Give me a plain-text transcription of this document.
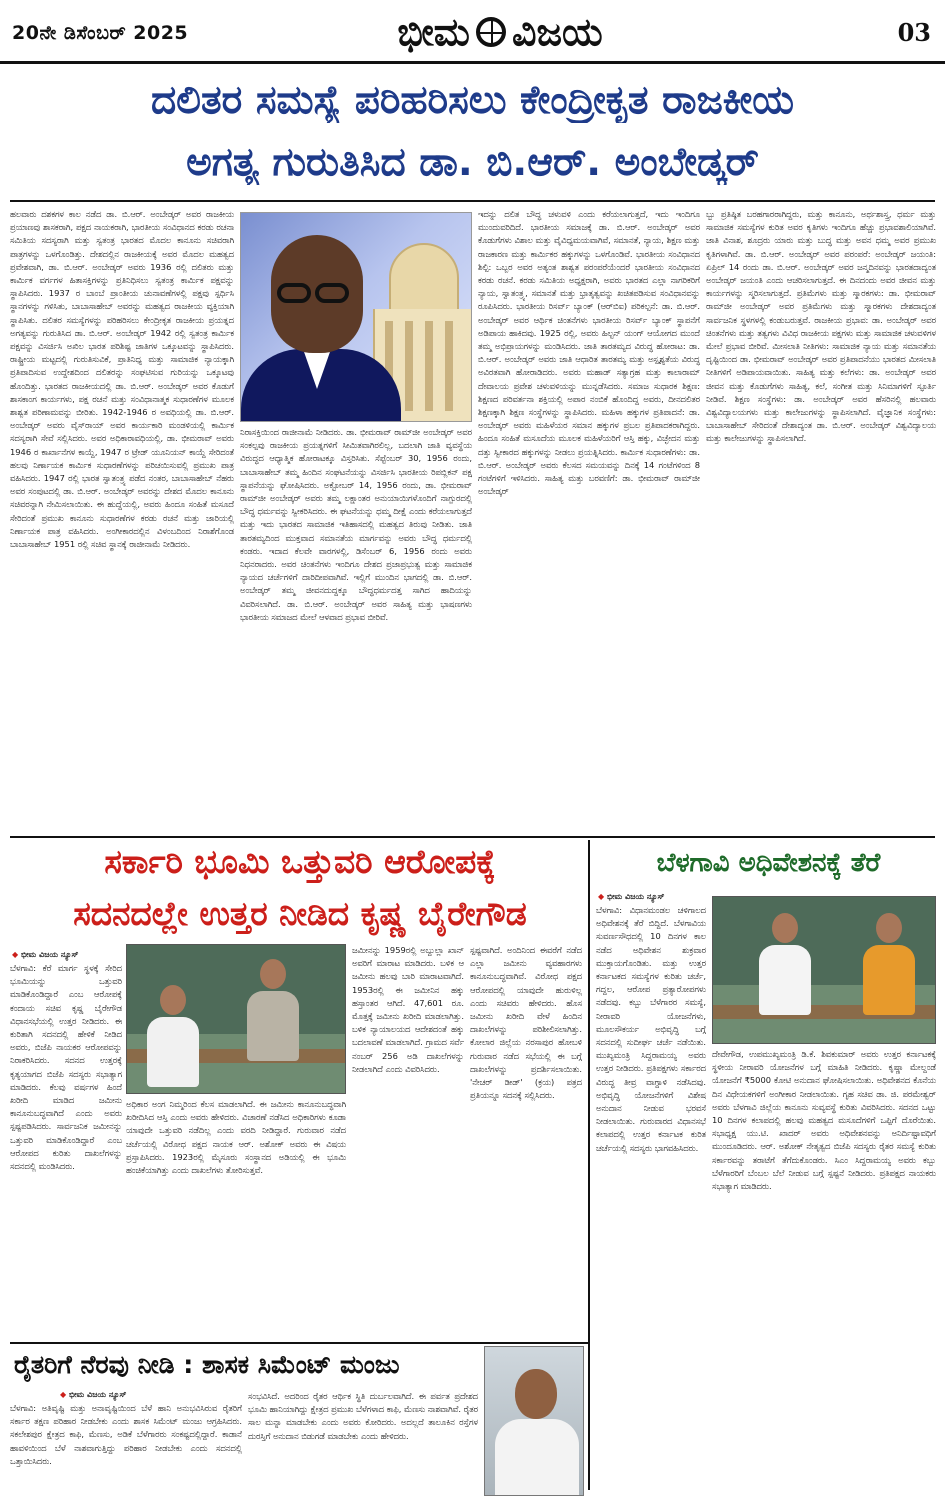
20ನೇ ಡಿಸೆಂಬರ್ 2025	ಭೀಮ ವಿಜಯ	03
ದಲಿತರ ಸಮಸ್ಯೆ ಪರಿಹರಿಸಲು ಕೇಂದ್ರೀಕೃತ ರಾಜಕೀಯ
ಅಗತ್ಯ ಗುರುತಿಸಿದ ಡಾ. ಬಿ.ಆರ್. ಅಂಬೇಡ್ಕರ್

ಹಲವಾರು ದಶಕಗಳ ಕಾಲ ನಡೆದ ಡಾ. ಬಿ.ಆರ್. ಅಂಬೇಡ್ಕರ್ ಅವರ ರಾಜಕೀಯ ಪ್ರಯಾಣವು ಶಾಸಕರಾಗಿ, ಪಕ್ಷದ ನಾಯಕರಾಗಿ, ಭಾರತೀಯ ಸಂವಿಧಾನದ ಕರಡು ರಚನಾ ಸಮಿತಿಯ ಸದಸ್ಯರಾಗಿ ಮತ್ತು ಸ್ವತಂತ್ರ ಭಾರತದ ಮೊದಲ ಕಾನೂನು ಸಚಿವರಾಗಿ ಪಾತ್ರಗಳನ್ನು ಒಳಗೊಂಡಿತ್ತು. ದೇಶದಲ್ಲಿನ ರಾಜಕೀಯಕ್ಕೆ ಅವರ ಮೊದಲ ಮಹತ್ವದ ಪ್ರವೇಶವಾಗಿ, ಡಾ. ಬಿ.ಆರ್. ಅಂಬೇಡ್ಕರ್ ಅವರು 1936 ರಲ್ಲಿ ದಲಿತರು ಮತ್ತು ಕಾರ್ಮಿಕ ವರ್ಗಗಳ ಹಿತಾಸಕ್ತಿಗಳನ್ನು ಪ್ರತಿನಿಧಿಸಲು ಸ್ವತಂತ್ರ ಕಾರ್ಮಿಕ ಪಕ್ಷವನ್ನು ಸ್ಥಾಪಿಸಿದರು. 1937 ರ ಬಾಂಬೆ ಪ್ರಾಂತೀಯ ಚುನಾವಣೆಗಳಲ್ಲಿ ಪಕ್ಷವು ಸ್ಪರ್ಧಿಸಿ ಸ್ಥಾನಗಳನ್ನು ಗಳಿಸಿತು, ಬಾಬಾಸಾಹೇಬ್ ಅವರನ್ನು ಮಹತ್ವದ ರಾಜಕೀಯ ವ್ಯಕ್ತಿಯಾಗಿ ಸ್ಥಾಪಿಸಿತು. ದಲಿತರ ಸಮಸ್ಯೆಗಳನ್ನು ಪರಿಹರಿಸಲು ಕೇಂದ್ರೀಕೃತ ರಾಜಕೀಯ ಪ್ರಯತ್ನದ ಅಗತ್ಯವನ್ನು ಗುರುತಿಸಿದ ಡಾ. ಬಿ.ಆರ್. ಅಂಬೇಡ್ಕರ್ 1942 ರಲ್ಲಿ ಸ್ವತಂತ್ರ ಕಾರ್ಮಿಕ ಪಕ್ಷವನ್ನು ವಿಸರ್ಜಿಸಿ ಅಖಿಲ ಭಾರತ ಪರಿಶಿಷ್ಟ ಜಾತಿಗಳ ಒಕ್ಕೂಟವನ್ನು ಸ್ಥಾಪಿಸಿದರು. ರಾಷ್ಟ್ರೀಯ ಮಟ್ಟದಲ್ಲಿ ಗುರುತಿಸುವಿಕೆ, ಪ್ರಾತಿನಿಧ್ಯ ಮತ್ತು ಸಾಮಾಜಿಕ ನ್ಯಾಯಕ್ಕಾಗಿ ಪ್ರತಿಪಾದಿಸುವ ಉದ್ದೇಶದಿಂದ ದಲಿತರನ್ನು ಸಂಘಟಿಸುವ ಗುರಿಯನ್ನು ಒಕ್ಕೂಟವು ಹೊಂದಿತ್ತು. ಭಾರತದ ರಾಜಕೀಯದಲ್ಲಿ ಡಾ. ಬಿ.ಆರ್. ಅಂಬೇಡ್ಕರ್ ಅವರ ಕೊಡುಗೆ ಶಾಸಕಾಂಗ ಕಾರ್ಯಗಳು, ಪಕ್ಷ ರಚನೆ ಮತ್ತು ಸಂವಿಧಾನಾತ್ಮಕ ಸುಧಾರಣೆಗಳ ಮೂಲಕ ಶಾಶ್ವತ ಪರಿಣಾಮವನ್ನು ಬೀರಿತು. 1942-1946 ರ ಅವಧಿಯಲ್ಲಿ ಡಾ. ಬಿ.ಆರ್. ಅಂಬೇಡ್ಕರ್ ಅವರು ವೈಸ್‌ರಾಯ್ ಅವರ ಕಾರ್ಯಕಾರಿ ಮಂಡಳಿಯಲ್ಲಿ ಕಾರ್ಮಿಕ ಸದಸ್ಯರಾಗಿ ಸೇವೆ ಸಲ್ಲಿಸಿದರು. ಅವರ ಅಧಿಕಾರಾವಧಿಯಲ್ಲಿ, ಡಾ. ಭೀಮರಾವ್ ಅವರು 1946 ರ ಕಾರ್ಖಾನೆಗಳ ಕಾಯ್ದೆ, 1947 ರ ಟ್ರೇಡ್ ಯೂನಿಯನ್ ಕಾಯ್ದೆ ಸೇರಿದಂತೆ ಹಲವು ನಿರ್ಣಾಯಕ ಕಾರ್ಮಿಕ ಸುಧಾರಣೆಗಳನ್ನು ಪರಿಚಯಿಸುವಲ್ಲಿ ಪ್ರಮುಖ ಪಾತ್ರ ವಹಿಸಿದರು. 1947 ರಲ್ಲಿ ಭಾರತ ಸ್ವಾತಂತ್ರ್ಯ ಪಡೆದ ನಂತರ, ಬಾಬಾಸಾಹೇಬ್ ನೆಹರು ಅವರ ಸಂಪುಟದಲ್ಲಿ ಡಾ. ಬಿ.ಆರ್. ಅಂಬೇಡ್ಕರ್ ಅವರನ್ನು ದೇಶದ ಮೊದಲ ಕಾನೂನು ಸಚಿವರನ್ನಾಗಿ ನೇಮಿಸಲಾಯಿತು. ಈ ಹುದ್ದೆಯಲ್ಲಿ, ಅವರು ಹಿಂದೂ ಸಂಹಿತೆ ಮಸೂದೆ ಸೇರಿದಂತೆ ಪ್ರಮುಖ ಕಾನೂನು ಸುಧಾರಣೆಗಳ ಕರಡು ರಚನೆ ಮತ್ತು ಜಾರಿಯಲ್ಲಿ ನಿರ್ಣಾಯಕ ಪಾತ್ರ ವಹಿಸಿದರು. ಅಂಗೀಕಾರದಲ್ಲಿನ ವಿಳಂಬದಿಂದ ನಿರಾಶೆಗೊಂಡ ಬಾಬಾಸಾಹೇಬ್ 1951 ರಲ್ಲಿ ಸಚಿವ ಸ್ಥಾನಕ್ಕೆ ರಾಜೀನಾಮೆ ನೀಡಿದರು.

ನಿರಾಸಕ್ತಿಯಿಂದ ರಾಜೀನಾಮೆ ನೀಡಿದರು. ಡಾ. ಭೀಮರಾವ್ ರಾಮ್‌ಜೀ ಅಂಬೇಡ್ಕರ್ ಅವರ ಸಂಕಲ್ಪವು ರಾಜಕೀಯ ಪ್ರಯತ್ನಗಳಿಗೆ ಸೀಮಿತವಾಗಿರಲಿಲ್ಲ, ಬದಲಾಗಿ ಜಾತಿ ವ್ಯವಸ್ಥೆಯ ವಿರುದ್ಧದ ಆಧ್ಯಾತ್ಮಿಕ ಹೋರಾಟಕ್ಕೂ ವಿಸ್ತರಿಸಿತು. ಸೆಪ್ಟೆಂಬರ್ 30, 1956 ರಂದು, ಬಾಬಾಸಾಹೇಬ್ ತಮ್ಮ ಹಿಂದಿನ ಸಂಘಟನೆಯನ್ನು ವಿಸರ್ಜಿಸಿ ಭಾರತೀಯ ರಿಪಬ್ಲಿಕನ್ ಪಕ್ಷ ಸ್ಥಾಪನೆಯನ್ನು ಘೋಷಿಸಿದರು. ಅಕ್ಟೋಬರ್ 14, 1956 ರಂದು, ಡಾ. ಭೀಮರಾವ್ ರಾಮ್‌ಜೀ ಅಂಬೇಡ್ಕರ್ ಅವರು ತಮ್ಮ ಲಕ್ಷಾಂತರ ಅನುಯಾಯಿಗಳೊಂದಿಗೆ ನಾಗ್ಪುರದಲ್ಲಿ ಬೌದ್ಧ ಧರ್ಮವನ್ನು ಸ್ವೀಕರಿಸಿದರು. ಈ ಘಟನೆಯನ್ನು ಧಮ್ಮ ದೀಕ್ಷೆ ಎಂದು ಕರೆಯಲಾಗುತ್ತದೆ ಮತ್ತು ಇದು ಭಾರತದ ಸಾಮಾಜಿಕ ಇತಿಹಾಸದಲ್ಲಿ ಮಹತ್ವದ ತಿರುವು ನೀಡಿತು. ಜಾತಿ ತಾರತಮ್ಯದಿಂದ ಮುಕ್ತವಾದ ಸಮಾನತೆಯ ಮಾರ್ಗವನ್ನು ಅವರು ಬೌದ್ಧ ಧರ್ಮದಲ್ಲಿ ಕಂಡರು. ಇದಾದ ಕೆಲವೇ ವಾರಗಳಲ್ಲಿ, ಡಿಸೆಂಬರ್ 6, 1956 ರಂದು ಅವರು ನಿಧನರಾದರು. ಅವರ ಚಿಂತನೆಗಳು ಇಂದಿಗೂ ದೇಶದ ಪ್ರಜಾಪ್ರಭುತ್ವ ಮತ್ತು ಸಾಮಾಜಿಕ ನ್ಯಾಯದ ಚರ್ಚೆಗಳಿಗೆ ದಾರಿದೀಪವಾಗಿವೆ. ಇಲ್ಲಿಗೆ ಮುಂದಿನ ಭಾಗದಲ್ಲಿ ಡಾ. ಬಿ.ಆರ್. ಅಂಬೇಡ್ಕರ್ ತಮ್ಮ ಜೀವನದುದ್ದಕ್ಕೂ ಬೌದ್ಧಧರ್ಮದತ್ತ ಸಾಗಿದ ಹಾದಿಯನ್ನು ವಿವರಿಸಲಾಗಿದೆ. ಡಾ. ಬಿ.ಆರ್. ಅಂಬೇಡ್ಕರ್ ಅವರ ಸಾಹಿತ್ಯ ಮತ್ತು ಭಾಷಣಗಳು ಭಾರತೀಯ ಸಮಾಜದ ಮೇಲೆ ಆಳವಾದ ಪ್ರಭಾವ ಬೀರಿವೆ.

ಇದನ್ನು ದಲಿತ ಬೌದ್ಧ ಚಳುವಳಿ ಎಂದು ಕರೆಯಲಾಗುತ್ತದೆ, ಇದು ಇಂದಿಗೂ ಮುಂದುವರಿದಿದೆ. ಭಾರತೀಯ ಸಮಾಜಕ್ಕೆ ಡಾ. ಬಿ.ಆರ್. ಅಂಬೇಡ್ಕರ್ ಅವರ ಕೊಡುಗೆಗಳು ವಿಶಾಲ ಮತ್ತು ವೈವಿಧ್ಯಮಯವಾಗಿವೆ, ಸಮಾನತೆ, ನ್ಯಾಯ, ಶಿಕ್ಷಣ ಮತ್ತು ರಾಜಕಾರಣ ಮತ್ತು ಕಾರ್ಮಿಕರ ಹಕ್ಕುಗಳನ್ನು ಒಳಗೊಂಡಿವೆ. ಭಾರತೀಯ ಸಂವಿಧಾನದ ಶಿಲ್ಪಿ: ಒಬ್ಬರ ಅವರ ಅತ್ಯಂತ ಶಾಶ್ವತ ಪರಂಪರೆಯೆಂದರೆ ಭಾರತೀಯ ಸಂವಿಧಾನದ ಕರಡು ರಚನೆ. ಕರಡು ಸಮಿತಿಯ ಅಧ್ಯಕ್ಷರಾಗಿ, ಅವರು ಭಾರತದ ಎಲ್ಲಾ ನಾಗರಿಕರಿಗೆ ನ್ಯಾಯ, ಸ್ವಾತಂತ್ರ್ಯ, ಸಮಾನತೆ ಮತ್ತು ಭ್ರಾತೃತ್ವವನ್ನು ಖಚಿತಪಡಿಸುವ ಸಂವಿಧಾನವನ್ನು ರೂಪಿಸಿದರು. ಭಾರತೀಯ ರಿಸರ್ವ್ ಬ್ಯಾಂಕ್ (ಆರ್‌ಬಿಐ) ಪರಿಕಲ್ಪನೆ: ಡಾ. ಬಿ.ಆರ್. ಅಂಬೇಡ್ಕರ್ ಅವರ ಆರ್ಥಿಕ ಚಿಂತನೆಗಳು ಭಾರತೀಯ ರಿಸರ್ವ್ ಬ್ಯಾಂಕ್ ಸ್ಥಾಪನೆಗೆ ಅಡಿಪಾಯ ಹಾಕಿದವು. 1925 ರಲ್ಲಿ, ಅವರು ಹಿಲ್ಟನ್ ಯಂಗ್ ಆಯೋಗದ ಮುಂದೆ ತಮ್ಮ ಅಭಿಪ್ರಾಯಗಳನ್ನು ಮಂಡಿಸಿದರು. ಜಾತಿ ತಾರತಮ್ಯದ ವಿರುದ್ಧ ಹೋರಾಟ: ಡಾ. ಬಿ.ಆರ್. ಅಂಬೇಡ್ಕರ್ ಅವರು ಜಾತಿ ಆಧಾರಿತ ತಾರತಮ್ಯ ಮತ್ತು ಅಸ್ಪೃಶ್ಯತೆಯ ವಿರುದ್ಧ ಅವಿರತವಾಗಿ ಹೋರಾಡಿದರು. ಅವರು ಮಹಾಡ್ ಸತ್ಯಾಗ್ರಹ ಮತ್ತು ಕಾಲಾರಾಮ್ ದೇವಾಲಯ ಪ್ರವೇಶ ಚಳುವಳಿಯನ್ನು ಮುನ್ನಡೆಸಿದರು. ಸಮಾಜ ಸುಧಾರಕ ಶಿಕ್ಷಣ: ಶಿಕ್ಷಣದ ಪರಿವರ್ತನಾ ಶಕ್ತಿಯಲ್ಲಿ ಅಪಾರ ನಂಬಿಕೆ ಹೊಂದಿದ್ದ ಅವರು, ದೀನದಲಿತರ ಶಿಕ್ಷಣಕ್ಕಾಗಿ ಶಿಕ್ಷಣ ಸಂಸ್ಥೆಗಳನ್ನು ಸ್ಥಾಪಿಸಿದರು. ಮಹಿಳಾ ಹಕ್ಕುಗಳ ಪ್ರತಿಪಾದನೆ: ಡಾ. ಅಂಬೇಡ್ಕರ್ ಅವರು ಮಹಿಳೆಯರ ಸಮಾನ ಹಕ್ಕುಗಳ ಪ್ರಬಲ ಪ್ರತಿಪಾದಕರಾಗಿದ್ದರು. ಹಿಂದೂ ಸಂಹಿತೆ ಮಸೂದೆಯ ಮೂಲಕ ಮಹಿಳೆಯರಿಗೆ ಆಸ್ತಿ ಹಕ್ಕು, ವಿಚ್ಛೇದನ ಮತ್ತು ದತ್ತು ಸ್ವೀಕಾರದ ಹಕ್ಕುಗಳನ್ನು ನೀಡಲು ಪ್ರಯತ್ನಿಸಿದರು. ಕಾರ್ಮಿಕ ಸುಧಾರಣೆಗಳು: ಡಾ. ಬಿ.ಆರ್. ಅಂಬೇಡ್ಕರ್ ಅವರು ಕೆಲಸದ ಸಮಯವನ್ನು ದಿನಕ್ಕೆ 14 ಗಂಟೆಗಳಿಂದ 8 ಗಂಟೆಗಳಿಗೆ ಇಳಿಸಿದರು. ಸಾಹಿತ್ಯ ಮತ್ತು ಬರವಣಿಗೆ: ಡಾ. ಭೀಮರಾವ್ ರಾಮ್‌ಜೀ ಅಂಬೇಡ್ಕರ್

ಬ್ಬು ಪ್ರತಿಷ್ಠಿತ ಬರಹಗಾರರಾಗಿದ್ದರು, ಮತ್ತು ಕಾನೂನು, ಅರ್ಥಶಾಸ್ತ್ರ, ಧರ್ಮ ಮತ್ತು ಸಾಮಾಜಿಕ ಸಮಸ್ಯೆಗಳ ಕುರಿತ ಅವರ ಕೃತಿಗಳು ಇಂದಿಗೂ ಹೆಚ್ಚು ಪ್ರಭಾವಶಾಲಿಯಾಗಿವೆ. ಜಾತಿ ವಿನಾಶ, ಶೂದ್ರರು ಯಾರು ಮತ್ತು ಬುದ್ಧ ಮತ್ತು ಅವನ ಧಮ್ಮ ಅವರ ಪ್ರಮುಖ ಕೃತಿಗಳಾಗಿವೆ. ಡಾ. ಬಿ.ಆರ್. ಅಂಬೇಡ್ಕರ್ ಅವರ ಪರಂಪರೆ: ಅಂಬೇಡ್ಕರ್ ಜಯಂತಿ: ಏಪ್ರಿಲ್ 14 ರಂದು ಡಾ. ಬಿ.ಆರ್. ಅಂಬೇಡ್ಕರ್ ಅವರ ಜನ್ಮದಿನವನ್ನು ಭಾರತದಾದ್ಯಂತ ಅಂಬೇಡ್ಕರ್ ಜಯಂತಿ ಎಂದು ಆಚರಿಸಲಾಗುತ್ತದೆ. ಈ ದಿನದಂದು ಅವರ ಜೀವನ ಮತ್ತು ಕಾರ್ಯಗಳನ್ನು ಸ್ಮರಿಸಲಾಗುತ್ತದೆ. ಪ್ರತಿಮೆಗಳು ಮತ್ತು ಸ್ಮಾರಕಗಳು: ಡಾ. ಭೀಮರಾವ್ ರಾಮ್‌ಜೀ ಅಂಬೇಡ್ಕರ್ ಅವರ ಪ್ರತಿಮೆಗಳು ಮತ್ತು ಸ್ಮಾರಕಗಳು ದೇಶದಾದ್ಯಂತ ಸಾರ್ವಜನಿಕ ಸ್ಥಳಗಳಲ್ಲಿ ಕಂಡುಬರುತ್ತವೆ. ರಾಜಕೀಯ ಪ್ರಭಾವ: ಡಾ. ಅಂಬೇಡ್ಕರ್ ಅವರ ಚಿಂತನೆಗಳು ಮತ್ತು ತತ್ವಗಳು ವಿವಿಧ ರಾಜಕೀಯ ಪಕ್ಷಗಳು ಮತ್ತು ಸಾಮಾಜಿಕ ಚಳುವಳಿಗಳ ಮೇಲೆ ಪ್ರಭಾವ ಬೀರಿವೆ. ಮೀಸಲಾತಿ ನೀತಿಗಳು: ಸಾಮಾಜಿಕ ನ್ಯಾಯ ಮತ್ತು ಸಮಾನತೆಯ ದೃಷ್ಟಿಯಿಂದ ಡಾ. ಭೀಮರಾವ್ ಅಂಬೇಡ್ಕರ್ ಅವರ ಪ್ರತಿಪಾದನೆಯು ಭಾರತದ ಮೀಸಲಾತಿ ನೀತಿಗಳಿಗೆ ಅಡಿಪಾಯವಾಯಿತು. ಸಾಹಿತ್ಯ ಮತ್ತು ಕಲೆಗಳು: ಡಾ. ಅಂಬೇಡ್ಕರ್ ಅವರ ಜೀವನ ಮತ್ತು ಕೊಡುಗೆಗಳು ಸಾಹಿತ್ಯ, ಕಲೆ, ಸಂಗೀತ ಮತ್ತು ಸಿನಿಮಾಗಳಿಗೆ ಸ್ಫೂರ್ತಿ ನೀಡಿವೆ. ಶಿಕ್ಷಣ ಸಂಸ್ಥೆಗಳು: ಡಾ. ಅಂಬೇಡ್ಕರ್ ಅವರ ಹೆಸರಿನಲ್ಲಿ ಹಲವಾರು ವಿಶ್ವವಿದ್ಯಾಲಯಗಳು ಮತ್ತು ಕಾಲೇಜುಗಳನ್ನು ಸ್ಥಾಪಿಸಲಾಗಿದೆ. ವೈಜ್ಞಾನಿಕ ಸಂಸ್ಥೆಗಳು: ಬಾಬಾಸಾಹೇಬ್ ಸೇರಿದಂತೆ ದೇಶಾದ್ಯಂತ ಡಾ. ಬಿ.ಆರ್. ಅಂಬೇಡ್ಕರ್ ವಿಶ್ವವಿದ್ಯಾಲಯ ಮತ್ತು ಕಾಲೇಜುಗಳನ್ನು ಸ್ಥಾಪಿಸಲಾಗಿದೆ.

ಸರ್ಕಾರಿ ಭೂಮಿ ಒತ್ತುವರಿ ಆರೋಪಕ್ಕೆ
ಸದನದಲ್ಲೇ ಉತ್ತರ ನೀಡಿದ ಕೃಷ್ಣ ಬೈರೇಗೌಡ
◆ ಭೀಮ ವಿಜಯ ನ್ಯೂಸ್

ಬೆಳಗಾವಿ: ಕೆರೆ ಮಾರ್ಗ ಸ್ಥಳಕ್ಕೆ ಸೇರಿದ ಭೂಮಿಯನ್ನು ಒತ್ತುವರಿ ಮಾಡಿಕೊಂಡಿದ್ದಾರೆ ಎಂಬ ಆರೋಪಕ್ಕೆ ಕಂದಾಯ ಸಚಿವ ಕೃಷ್ಣ ಬೈರೇಗೌಡ ವಿಧಾನಸಭೆಯಲ್ಲಿ ಉತ್ತರ ನೀಡಿದರು. ಈ ಕುರಿತಾಗಿ ಸದನದಲ್ಲಿ ಹೇಳಿಕೆ ನೀಡಿದ ಅವರು, ಬಿಜೆಪಿ ನಾಯಕರ ಆರೋಪವನ್ನು ನಿರಾಕರಿಸಿದರು. ಸದನದ ಉತ್ತರಕ್ಕೆ ಕೃತ್ಯಯಾಗದ ಬಿಜೆಪಿ ಸದಸ್ಯರು ಸಭಾತ್ಯಾಗ ಮಾಡಿದರು. ಕೆಲವು ವರ್ಷಗಳ ಹಿಂದೆ ಖರೀದಿ ಮಾಡಿದ ಜಮೀನು ಕಾನೂನುಬದ್ಧವಾಗಿದೆ ಎಂದು ಅವರು ಸ್ಪಷ್ಟಪಡಿಸಿದರು. ಸಾರ್ವಜನಿಕ ಜಮೀನನ್ನು ಒತ್ತುವರಿ ಮಾಡಿಕೊಂಡಿದ್ದಾರೆ ಎಂಬ ಆರೋಪದ ಕುರಿತು ದಾಖಲೆಗಳನ್ನು ಸದನದಲ್ಲಿ ಮಂಡಿಸಿದರು.

ಅಧಿಕಾರ ಅಂಗ ನಿಮ್ಮರಿಂದ ಕೆಲಸ ಮಾಡಲಾಗಿದೆ. ಈ ಜಮೀನು ಕಾನೂನುಬದ್ಧವಾಗಿ ಖರೀದಿಸಿದ ಆಸ್ತಿ ಎಂದು ಅವರು ಹೇಳಿದರು. ವಿಚಾರಣೆ ನಡೆಸಿದ ಅಧಿಕಾರಿಗಳು ಕೂಡಾ ಯಾವುದೇ ಒತ್ತುವರಿ ನಡೆದಿಲ್ಲ ಎಂದು ವರದಿ ನೀಡಿದ್ದಾರೆ. ಗುರುವಾರ ನಡೆದ ಚರ್ಚೆಯಲ್ಲಿ ವಿರೋಧ ಪಕ್ಷದ ನಾಯಕ ಆರ್. ಅಶೋಕ್ ಅವರು ಈ ವಿಷಯ ಪ್ರಸ್ತಾಪಿಸಿದರು. 1923ರಲ್ಲಿ ಮೈಸೂರು ಸಂಸ್ಥಾನದ ಅಡಿಯಲ್ಲಿ ಈ ಭೂಮಿ ಹಂಚಿಕೆಯಾಗಿತ್ತು ಎಂದು ದಾಖಲೆಗಳು ತೋರಿಸುತ್ತವೆ.

ಜಮೀನನ್ನು 1959ರಲ್ಲಿ ಅಬ್ದುಲ್ಲಾ ಖಾನ್ ಅವರಿಗೆ ಮಾರಾಟ ಮಾಡಿದರು. ಬಳಿಕ ಆ ಜಮೀನು ಹಲವು ಬಾರಿ ಮಾರಾಟವಾಗಿದೆ. 1953ರಲ್ಲಿ ಈ ಜಮೀನಿನ ಹಕ್ಕು ಹಸ್ತಾಂತರ ಆಗಿದೆ. 47,601 ರೂ. ಮೊತ್ತಕ್ಕೆ ಜಮೀನು ಖರೀದಿ ಮಾಡಲಾಗಿತ್ತು. ಬಳಿಕ ನ್ಯಾಯಾಲಯದ ಆದೇಶದಂತೆ ಹಕ್ಕು ಬದಲಾವಣೆ ಮಾಡಲಾಗಿದೆ. ಗ್ರಾಮದ ಸರ್ವೆ ನಂಬರ್ 256 ಅಡಿ ದಾಖಲೆಗಳನ್ನು ನೀಡಲಾಗಿದೆ ಎಂದು ವಿವರಿಸಿದರು.

ಸ್ಪಷ್ಟವಾಗಿದೆ. ಅಂದಿನಿಂದ ಈವರೆಗೆ ನಡೆದ ಎಲ್ಲಾ ಜಮೀನು ವ್ಯವಹಾರಗಳು ಕಾನೂನುಬದ್ಧವಾಗಿವೆ. ವಿರೋಧ ಪಕ್ಷದ ಆರೋಪದಲ್ಲಿ ಯಾವುದೇ ಹುರುಳಿಲ್ಲ ಎಂದು ಸಚಿವರು ಹೇಳಿದರು. ಹೊಸ ಜಮೀನು ಖರೀದಿ ವೇಳೆ ಹಿಂದಿನ ದಾಖಲೆಗಳನ್ನು ಪರಿಶೀಲಿಸಲಾಗಿತ್ತು. ಕೋಲಾರ ಜಿಲ್ಲೆಯ ನರಸಾಪುರ ಹೋಬಳಿ ಗುರುವಾರ ನಡೆದ ಸಭೆಯಲ್ಲಿ ಈ ಬಗ್ಗೆ ದಾಖಲೆಗಳನ್ನು ಪ್ರದರ್ಶಿಸಲಾಯಿತು. 'ನೇಚರ್ ಡೀಡ್' (ಕ್ರಯ) ಪತ್ರದ ಪ್ರತಿಯನ್ನೂ ಸದನಕ್ಕೆ ಸಲ್ಲಿಸಿದರು.

ಬೆಳಗಾವಿ ಅಧಿವೇಶನಕ್ಕೆ ತೆರೆ
◆ ಭೀಮ ವಿಜಯ ನ್ಯೂಸ್

ಬೆಳಗಾವಿ: ವಿಧಾನಮಂಡಲ ಚಳಿಗಾಲದ ಅಧಿವೇಶನಕ್ಕೆ ತೆರೆ ಬಿದ್ದಿದೆ. ಬೆಳಗಾವಿಯ ಸುವರ್ಣಸೌಧದಲ್ಲಿ 10 ದಿನಗಳ ಕಾಲ ನಡೆದ ಅಧಿವೇಶನ ಶುಕ್ರವಾರ ಮುಕ್ತಾಯಗೊಂಡಿತು. ಮತ್ತು ಉತ್ತರ ಕರ್ನಾಟಕದ ಸಮಸ್ಯೆಗಳ ಕುರಿತು ಚರ್ಚೆ, ಗದ್ದಲ, ಆರೋಪ ಪ್ರತ್ಯಾರೋಪಗಳು ನಡೆದವು. ಕಬ್ಬು ಬೆಳೆಗಾರರ ಸಮಸ್ಯೆ, ನೀರಾವರಿ ಯೋಜನೆಗಳು, ಮೂಲಸೌಕರ್ಯ ಅಭಿವೃದ್ಧಿ ಬಗ್ಗೆ ಸದನದಲ್ಲಿ ಸುದೀರ್ಘ ಚರ್ಚೆ ನಡೆಯಿತು. ಮುಖ್ಯಮಂತ್ರಿ ಸಿದ್ದರಾಮಯ್ಯ ಅವರು ಉತ್ತರ ನೀಡಿದರು. ಪ್ರತಿಪಕ್ಷಗಳು ಸರ್ಕಾರದ ವಿರುದ್ಧ ತೀವ್ರ ವಾಗ್ದಾಳಿ ನಡೆಸಿದವು. ಅಭಿವೃದ್ಧಿ ಯೋಜನೆಗಳಿಗೆ ವಿಶೇಷ ಅನುದಾನ ನೀಡುವ ಭರವಸೆ ನೀಡಲಾಯಿತು. ಗುರುವಾರದ ವಿಧಾನಸಭೆ ಕಲಾಪದಲ್ಲಿ ಉತ್ತರ ಕರ್ನಾಟಕ ಕುರಿತ ಚರ್ಚೆಯಲ್ಲಿ ಸದಸ್ಯರು ಭಾಗವಹಿಸಿದರು.

ದೇವೇಗೌಡ, ಉಪಮುಖ್ಯಮಂತ್ರಿ ಡಿ.ಕೆ. ಶಿವಕುಮಾರ್ ಅವರು ಉತ್ತರ ಕರ್ನಾಟಕಕ್ಕೆ ಸ್ಥಳೀಯ ನೀರಾವರಿ ಯೋಜನೆಗಳ ಬಗ್ಗೆ ಮಾಹಿತಿ ನೀಡಿದರು. ಕೃಷ್ಣಾ ಮೇಲ್ದಂಡೆ ಯೋಜನೆಗೆ ₹5000 ಕೋಟಿ ಅನುದಾನ ಘೋಷಿಸಲಾಯಿತು. ಅಧಿವೇಶನದ ಕೊನೆಯ ದಿನ ವಿಧೇಯಕಗಳಿಗೆ ಅಂಗೀಕಾರ ನೀಡಲಾಯಿತು. ಗೃಹ ಸಚಿವ ಡಾ. ಜಿ. ಪರಮೇಶ್ವರ್ ಅವರು ಬೆಳಗಾವಿ ಜಿಲ್ಲೆಯ ಕಾನೂನು ಸುವ್ಯವಸ್ಥೆ ಕುರಿತು ವಿವರಿಸಿದರು. ಸದನದ ಒಟ್ಟು 10 ದಿನಗಳ ಕಲಾಪದಲ್ಲಿ ಹಲವು ಮಹತ್ವದ ಮಸೂದೆಗಳಿಗೆ ಒಪ್ಪಿಗೆ ದೊರೆಯಿತು. ಸಭಾಧ್ಯಕ್ಷ ಯು.ಟಿ. ಖಾದರ್ ಅವರು ಅಧಿವೇಶನವನ್ನು ಅನಿರ್ದಿಷ್ಟಾವಧಿಗೆ ಮುಂದೂಡಿದರು. ಆರ್. ಅಶೋಕ್ ನೇತೃತ್ವದ ಬಿಜೆಪಿ ಸದಸ್ಯರು ರೈತರ ಸಮಸ್ಯೆ ಕುರಿತು ಸರ್ಕಾರವನ್ನು ತರಾಟೆಗೆ ತೆಗೆದುಕೊಂಡರು. ಸಿಎಂ ಸಿದ್ದರಾಮಯ್ಯ ಅವರು ಕಬ್ಬು ಬೆಳೆಗಾರರಿಗೆ ಬೆಂಬಲ ಬೆಲೆ ನೀಡುವ ಬಗ್ಗೆ ಸ್ಪಷ್ಟನೆ ನೀಡಿದರು. ಪ್ರತಿಪಕ್ಷದ ನಾಯಕರು ಸಭಾತ್ಯಾಗ ಮಾಡಿದರು.

ರೈತರಿಗೆ ನೆರವು ನೀಡಿ : ಶಾಸಕ ಸಿಮೆಂಟ್ ಮಂಜು
◆ ಭೀಮ ವಿಜಯ ನ್ಯೂಸ್

ಬೆಳಗಾವಿ: ಅತಿವೃಷ್ಟಿ ಮತ್ತು ಅನಾವೃಷ್ಟಿಯಿಂದ ಬೆಳೆ ಹಾನಿ ಅನುಭವಿಸಿರುವ ರೈತರಿಗೆ ಸರ್ಕಾರ ತಕ್ಷಣ ಪರಿಹಾರ ನೀಡಬೇಕು ಎಂದು ಶಾಸಕ ಸಿಮೆಂಟ್ ಮಂಜು ಆಗ್ರಹಿಸಿದರು. ಸಕಲೇಶಪುರ ಕ್ಷೇತ್ರದ ಕಾಫಿ, ಮೆಣಸು, ಅಡಿಕೆ ಬೆಳೆಗಾರರು ಸಂಕಷ್ಟದಲ್ಲಿದ್ದಾರೆ. ಕಾಡಾನೆ ಹಾವಳಿಯಿಂದ ಬೆಳೆ ನಾಶವಾಗುತ್ತಿದ್ದು ಪರಿಹಾರ ನೀಡಬೇಕು ಎಂದು ಸದನದಲ್ಲಿ ಒತ್ತಾಯಿಸಿದರು.

ಸಂಭವಿಸಿದೆ. ಅದರಿಂದ ರೈತರ ಆರ್ಥಿಕ ಸ್ಥಿತಿ ದುರ್ಬಲವಾಗಿದೆ. ಈ ಪರ್ವತ ಪ್ರದೇಶದ ಭೂಮಿ ಹಾನಿಯಾಗಿದ್ದು ಕ್ಷೇತ್ರದ ಪ್ರಮುಖ ಬೆಳೆಗಳಾದ ಕಾಫಿ, ಮೆಣಸು ನಾಶವಾಗಿವೆ. ರೈತರ ಸಾಲ ಮನ್ನಾ ಮಾಡಬೇಕು ಎಂದು ಅವರು ಕೋರಿದರು. ಅದಲ್ಲದೆ ತಾಲೂಕಿನ ರಸ್ತೆಗಳ ದುರಸ್ತಿಗೆ ಅನುದಾನ ಬಿಡುಗಡೆ ಮಾಡಬೇಕು ಎಂದು ಹೇಳಿದರು.
